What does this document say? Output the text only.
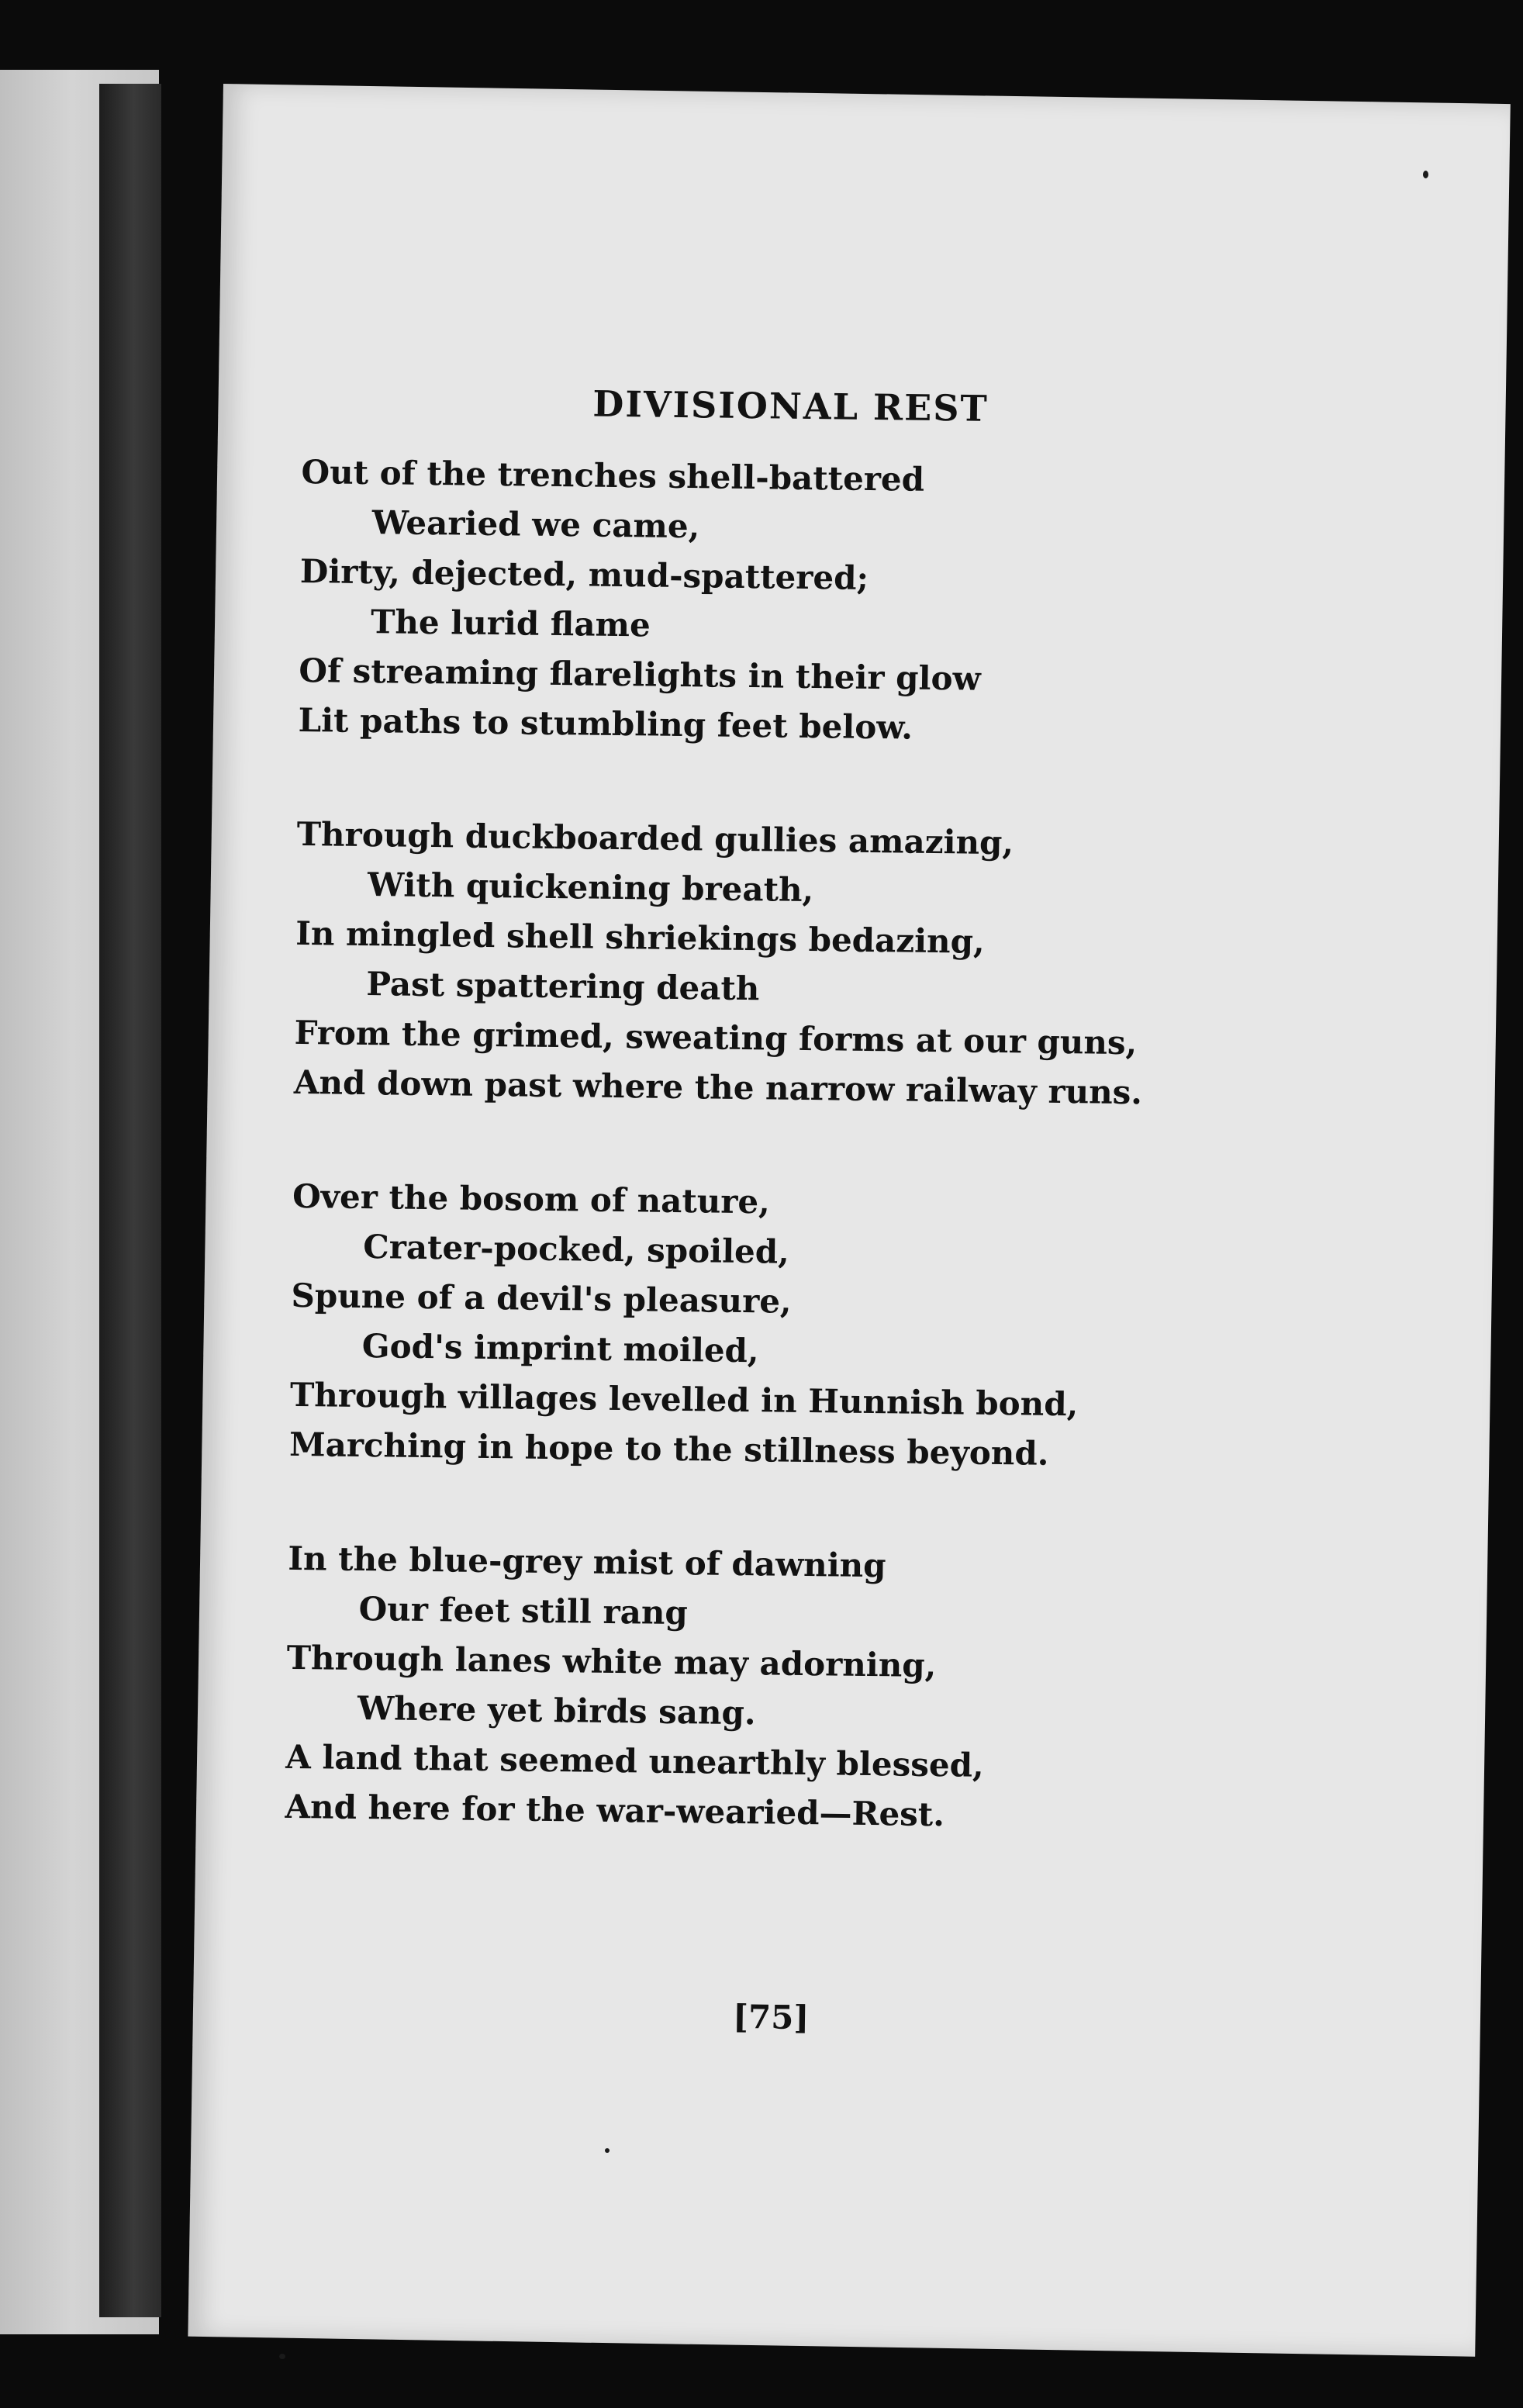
DIVISIONAL REST
Out of the trenches shell-battered
Wearied we came,
Dirty, dejected, mud-spattered;
The lurid flame
Of streaming flarelights in their glow
Lit paths to stumbling feet below.
Through duckboarded gullies amazing,
With quickening breath,
In mingled shell shriekings bedazing,
Past spattering death
From the grimed, sweating forms at our guns,
And down past where the narrow railway runs.
Over the bosom of nature,
Crater-pocked, spoiled,
Spune of a devil's pleasure,
God's imprint moiled,
Through villages levelled in Hunnish bond,
Marching in hope to the stillness beyond.
In the blue-grey mist of dawning
Our feet still rang
Through lanes white may adorning,
Where yet birds sang.
A land that seemed unearthly blessed,
And here for the war-wearied—Rest.
[75]
